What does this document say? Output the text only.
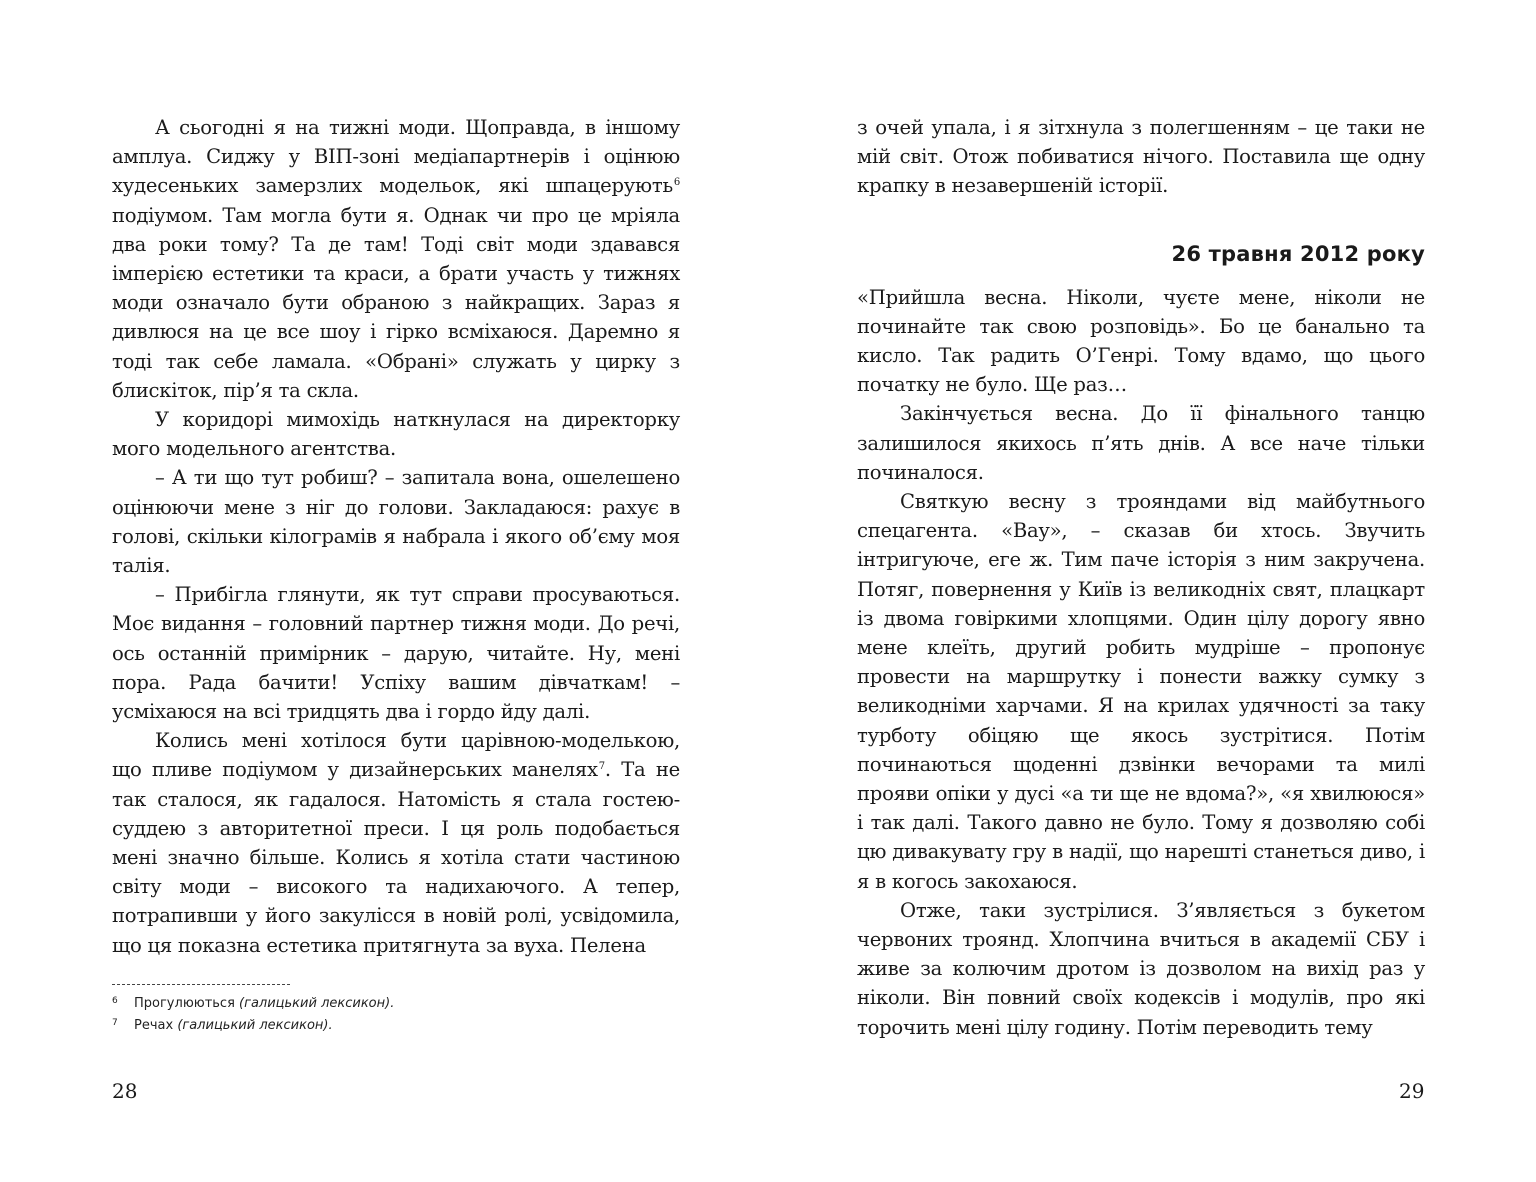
А сьогодні я на тижні моди. Щоправда, в іншому амплуа. Сиджу у ВІП-зоні медіапартнерів і оцінюю худесеньких замерзлих модельок, які шпацерують$^6$ подіумом. Там могла бути я. Однак чи про це мріяла два роки тому? Та де там! Тоді світ моди здавався імперією естетики та краси, а брати участь у тижнях моди означало бути обраною з найкращих. Зараз я дивлюся на це все шоу і гірко всміхаюся. Даремно я тоді так себе ламала. «Обрані» служать у цирку з блискіток, пір’я та скла.

У коридорі мимохідь наткнулася на директорку мого модельного агентства.

– А ти що тут робиш? – запитала вона, ошелешено оцінюючи мене з ніг до голови. Закладаюся: рахує в голові, скільки кілограмів я набрала і якого об’єму моя талія.

– Прибігла глянути, як тут справи просуваються. Моє видання – головний партнер тижня моди. До речі, ось останній примірник – дарую, читайте. Ну, мені пора. Рада бачити! Успіху вашим дівчаткам! – усміхаюся на всі тридцять два і гордо йду далі.

Колись мені хотілося бути царівною-моделькою, що пливе подіумом у дизайнерських манелях$^7$. Та не так сталося, як гадалося. Натомість я стала гостею-суддею з авторитетної преси. І ця роль подобається мені значно більше. Колись я хотіла стати частиною світу моди – високого та надихаючого. А тепер, потрапивши у його закулісся в новій ролі, усвідомила, що ця показна естетика притягнута за вуха. Пелена

6 Прогулюються (галицький лексикон).
7 Речах (галицький лексикон).
28

з очей упала, і я зітхнула з полегшенням – це таки не мій світ. Отож побиватися нічого. Поставила ще одну крапку в незавершеній історії.

26 травня 2012 року

«Прийшла весна. Ніколи, чуєте мене, ніколи не починайте так свою розповідь». Бо це банально та кисло. Так радить О’Генрі. Тому вдамо, що цього початку не було. Ще раз…

Закінчується весна. До її фінального танцю залишилося якихось п’ять днів. А все наче тільки починалося.

Святкую весну з трояндами від майбутнього спецагента. «Вау», – сказав би хтось. Звучить інтригуюче, еге ж. Тим паче історія з ним закручена. Потяг, повернення у Київ із великодніх свят, плацкарт із двома говіркими хлопцями. Один цілу дорогу явно мене клеїть, другий робить мудріше – пропонує провести на маршрутку і понести важку сумку з великодніми харчами. Я на крилах удячності за таку турботу обіцяю ще якось зустрітися. Потім починаються щоденні дзвінки вечорами та милі прояви опіки у дусі «а ти ще не вдома?», «я хвилююся» і так далі. Такого давно не було. Тому я дозволяю собі цю дивакувату гру в надії, що нарешті станеться диво, і я в когось закохаюся.

Отже, таки зустрілися. З’являється з букетом червоних троянд. Хлопчина вчиться в академії СБУ і живе за колючим дротом із дозволом на вихід раз у ніколи. Він повний своїх кодексів і модулів, про які торочить мені цілу годину. Потім переводить тему

29
